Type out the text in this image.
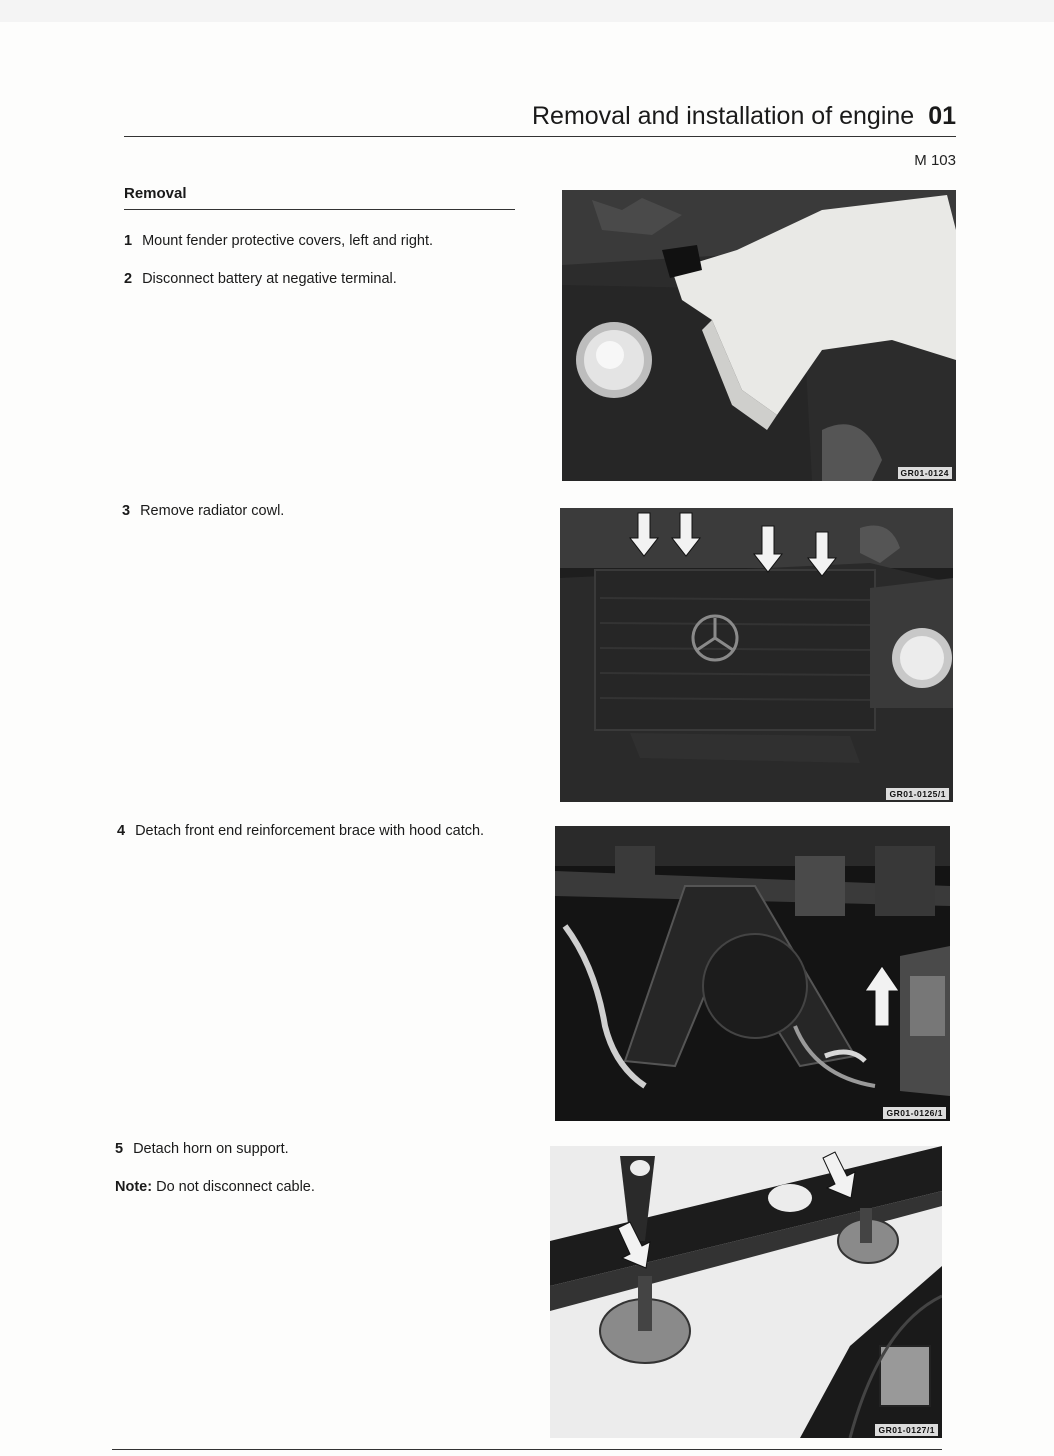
Removal and installation of engine 01
M 103
Removal
1 Mount fender protective covers, left and right.
2 Disconnect battery at negative terminal.
3 Remove radiator cowl.
4 Detach front end reinforcement brace with hood catch.
5 Detach horn on support.
Note: Do not disconnect cable.
GR01-0124
GR01-0125/1
GR01-0126/1
GR01-0127/1
